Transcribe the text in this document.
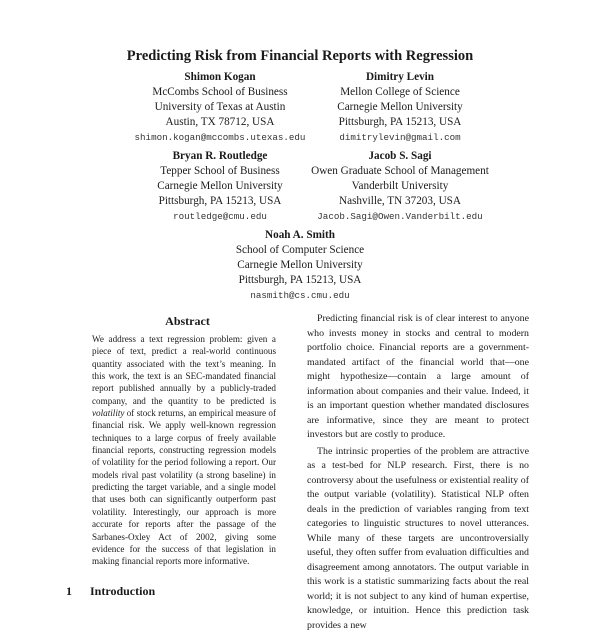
Predicting Risk from Financial Reports with Regression
Shimon Kogan
McCombs School of Business
University of Texas at Austin
Austin, TX 78712, USA
shimon.kogan@mccombs.utexas.edu
Dimitry Levin
Mellon College of Science
Carnegie Mellon University
Pittsburgh, PA 15213, USA
dimitrylevin@gmail.com
Bryan R. Routledge
Tepper School of Business
Carnegie Mellon University
Pittsburgh, PA 15213, USA
routledge@cmu.edu
Jacob S. Sagi
Owen Graduate School of Management
Vanderbilt University
Nashville, TN 37203, USA
Jacob.Sagi@Owen.Vanderbilt.edu
Noah A. Smith
School of Computer Science
Carnegie Mellon University
Pittsburgh, PA 15213, USA
nasmith@cs.cmu.edu
Abstract

We address a text regression problem: given a piece of text, predict a real-world continuous quantity associated with the text’s meaning. In this work, the text is an SEC-mandated financial report published annually by a publicly-traded company, and the quantity to be predicted is volatility of stock returns, an empirical measure of financial risk. We apply well-known regression techniques to a large corpus of freely available financial reports, constructing regression models of volatility for the period following a report. Our models rival past volatility (a strong baseline) in predicting the target variable, and a single model that uses both can significantly outperform past volatility. Interestingly, our approach is more accurate for reports after the passage of the Sarbanes-Oxley Act of 2002, giving some evidence for the success of that legislation in making financial reports more informative.

1 Introduction

Predicting financial risk is of clear interest to anyone who invests money in stocks and central to modern portfolio choice. Financial reports are a government-mandated artifact of the financial world that—one might hypothesize—contain a large amount of information about companies and their value. Indeed, it is an important question whether mandated disclosures are informative, since they are meant to protect investors but are costly to produce.

The intrinsic properties of the problem are attractive as a test-bed for NLP research. First, there is no controversy about the usefulness or existential reality of the output variable (volatility). Statistical NLP often deals in the prediction of variables ranging from text categories to linguistic structures to novel utterances. While many of these targets are uncontroversially useful, they often suffer from evaluation difficulties and disagreement among annotators. The output variable in this work is a statistic summarizing facts about the real world; it is not subject to any kind of human expertise, knowledge, or intuition. Hence this prediction task provides a new
